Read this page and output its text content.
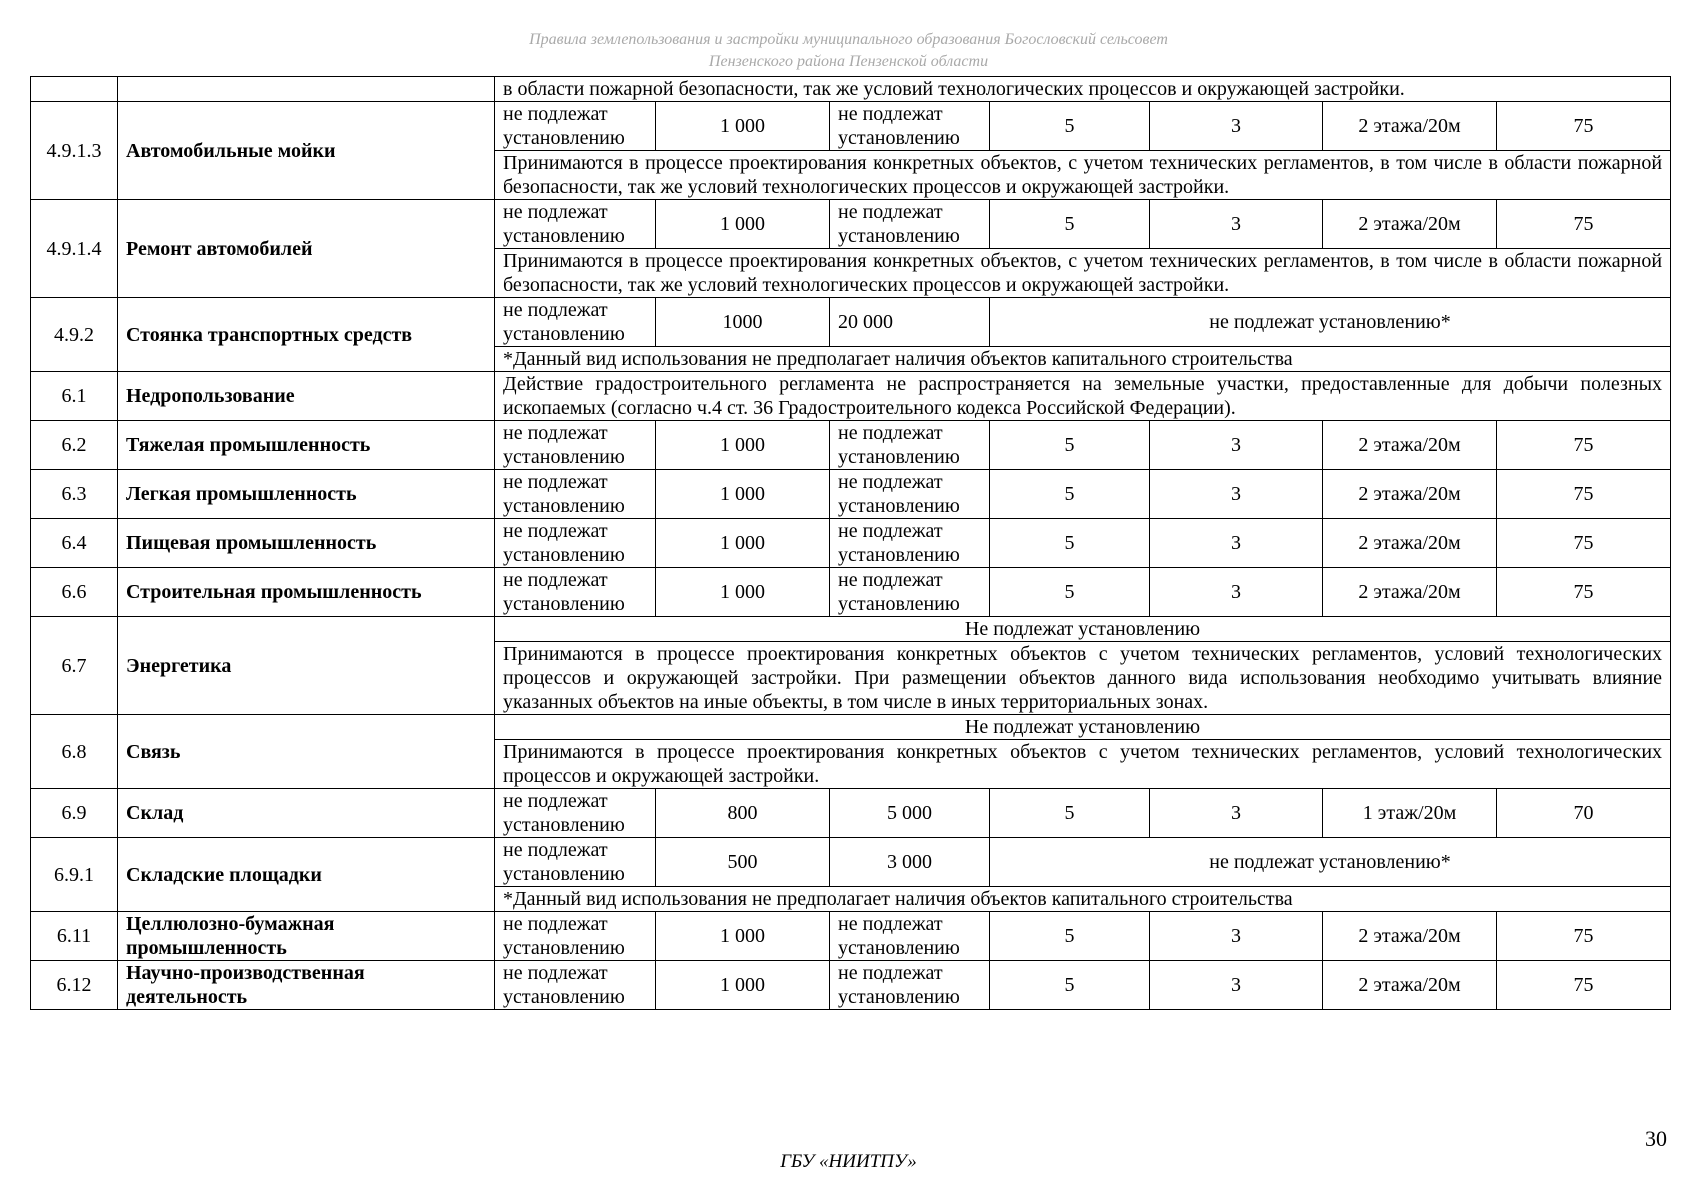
Правила землепользования и застройки муниципального образования Богословский сельсовет
Пензенского района Пензенской области
		в области пожарной безопасности, так же условий технологических процессов и окружающей застройки.						
4.9.1.3	Автомобильные мойки	не подлежат установлению	1 000	не подлежат установлению	5	3	2 этажа/20м	75
		Принимаются в процессе проектирования конкретных объектов, с учетом технических регламентов, в том числе в области пожарной безопасности, так же условий технологических процессов и окружающей застройки.						
4.9.1.4	Ремонт автомобилей	не подлежат установлению	1 000	не подлежат установлению	5	3	2 этажа/20м	75
		Принимаются в процессе проектирования конкретных объектов, с учетом технических регламентов, в том числе в области пожарной безопасности, так же условий технологических процессов и окружающей застройки.						
4.9.2	Стоянка транспортных средств	не подлежат установлению	1000	20 000	не подлежат установлению*			
		*Данный вид использования не предполагает наличия объектов капитального строительства						
6.1	Недропользование	Действие градостроительного регламента не распространяется на земельные участки, предоставленные для добычи полезных ископаемых (согласно ч.4 ст. 36 Градостроительного кодекса Российской Федерации).						
6.2	Тяжелая промышленность	не подлежат установлению	1 000	не подлежат установлению	5	3	2 этажа/20м	75
6.3	Легкая промышленность	не подлежат установлению	1 000	не подлежат установлению	5	3	2 этажа/20м	75
6.4	Пищевая промышленность	не подлежат установлению	1 000	не подлежат установлению	5	3	2 этажа/20м	75
6.6	Строительная промышленность	не подлежат установлению	1 000	не подлежат установлению	5	3	2 этажа/20м	75
6.7	Энергетика	Не подлежат установлению						
		Принимаются в процессе проектирования конкретных объектов с учетом технических регламентов, условий технологических процессов и окружающей застройки. При размещении объектов данного вида использования необходимо учитывать влияние указанных объектов на иные объекты, в том числе в иных территориальных зонах.						
6.8	Связь	Не подлежат установлению						
		Принимаются в процессе проектирования конкретных объектов с учетом технических регламентов, условий технологических процессов и окружающей застройки.						
6.9	Склад	не подлежат установлению	800	5 000	5	3	1 этаж/20м	70
6.9.1	Складские площадки	не подлежат установлению	500	3 000	не подлежат установлению*			
		*Данный вид использования не предполагает наличия объектов капитального строительства						
6.11	Целлюлозно-бумажная промышленность	не подлежат установлению	1 000	не подлежат установлению	5	3	2 этажа/20м	75
6.12	Научно-производственная деятельность	не подлежат установлению	1 000	не подлежат установлению	5	3	2 этажа/20м	75
30
ГБУ «НИИТПУ»
